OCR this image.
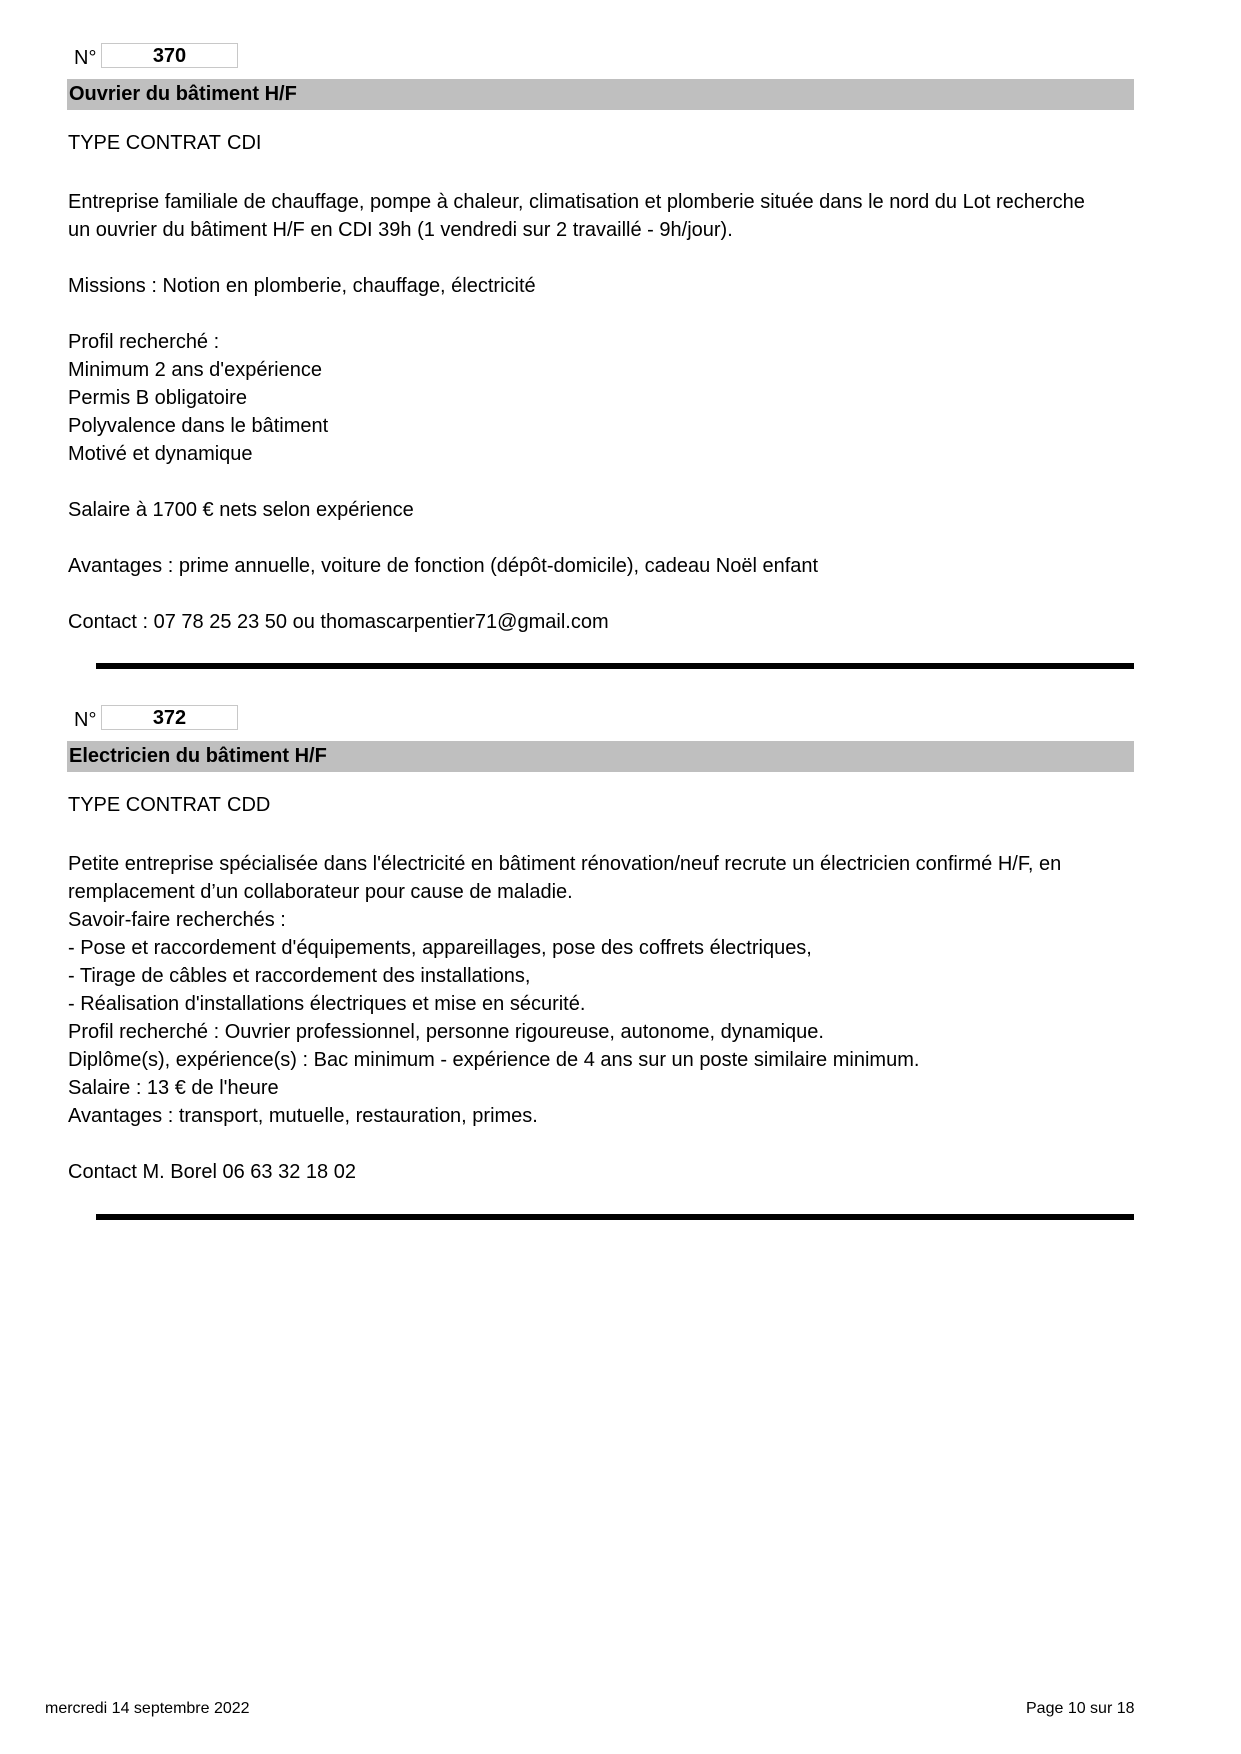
N°	370
Ouvrier du bâtiment H/F
TYPE CONTRAT CDI

Entreprise familiale de chauffage, pompe à chaleur, climatisation et plomberie située dans le nord du Lot recherche

un ouvrier du bâtiment H/F en CDI 39h (1 vendredi sur 2 travaillé - 9h/jour).

Missions : Notion en plomberie, chauffage, électricité

Profil recherché :

Minimum 2 ans d'expérience

Permis B obligatoire

Polyvalence dans le bâtiment

Motivé et dynamique

Salaire à 1700 € nets selon expérience

Avantages : prime annuelle, voiture de fonction (dépôt-domicile), cadeau Noël enfant

Contact : 07 78 25 23 50 ou thomascarpentier71@gmail.com

N°	372
Electricien du bâtiment H/F
TYPE CONTRAT CDD

Petite entreprise spécialisée dans l'électricité en bâtiment rénovation/neuf recrute un électricien confirmé H/F, en

remplacement d’un collaborateur pour cause de maladie.

Savoir-faire recherchés :

- Pose et raccordement d'équipements, appareillages, pose des coffrets électriques,

- Tirage de câbles et raccordement des installations,

- Réalisation d'installations électriques et mise en sécurité.

Profil recherché : Ouvrier professionnel, personne rigoureuse, autonome, dynamique.

Diplôme(s), expérience(s) : Bac minimum - expérience de 4 ans sur un poste similaire minimum.

Salaire : 13 € de l'heure

Avantages : transport, mutuelle, restauration, primes.

Contact M. Borel 06 63 32 18 02

mercredi 14 septembre 2022	Page 10 sur 18
